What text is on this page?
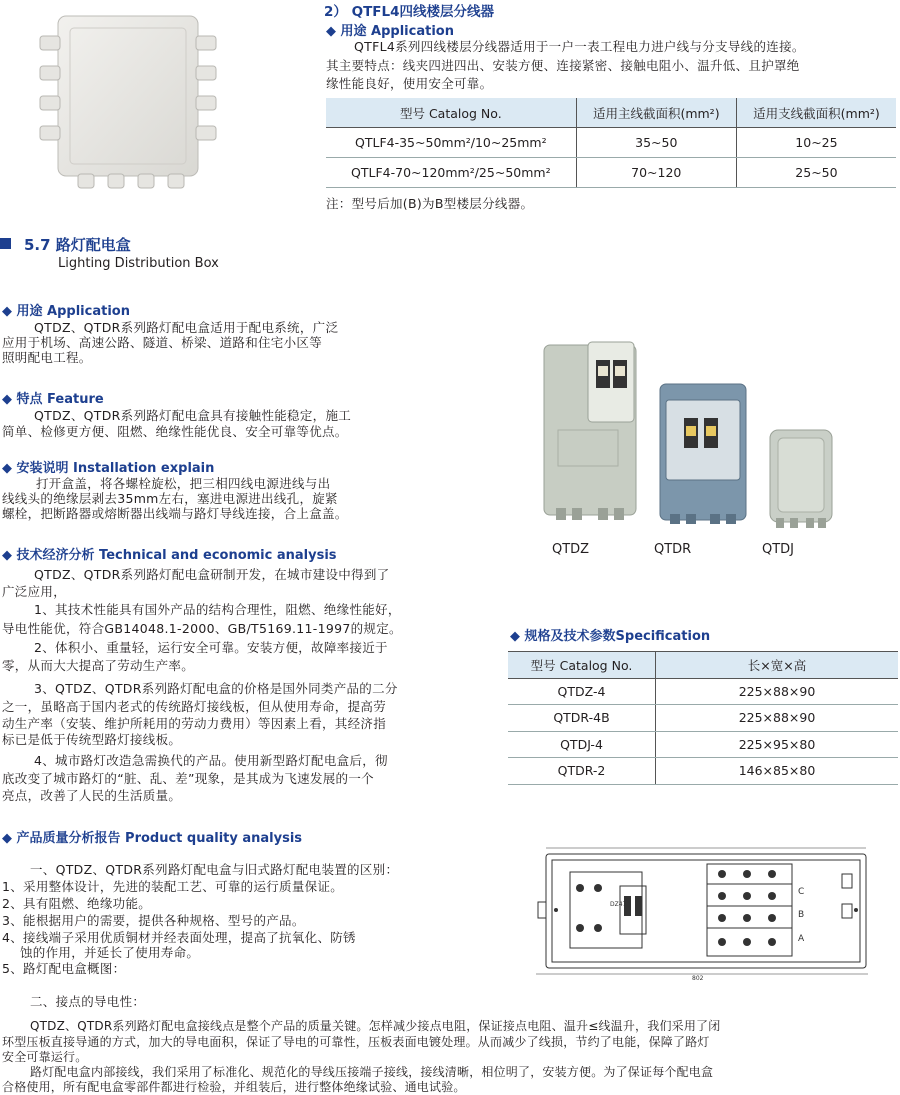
2） QTFL4四线楼层分线器
◆ 用途 Application
QTFL4系列四线楼层分线器适用于一户一表工程电力进户线与分支导线的连接。
其主要特点：线夹四进四出、安装方便、连接紧密、接触电阻小、温升低、且护罩绝
缘性能良好，使用安全可靠。
型号 Catalog No.	适用主线截面积(mm²)	适用支线截面积(mm²)
QTLF4-35~50mm²/10~25mm²	35~50	10~25
QTLF4-70~120mm²/25~50mm²	70~120	25~50
注：型号后加(B)为B型楼层分线器。
5.7 路灯配电盒
Lighting Distribution Box
◆ 用途 Application
QTDZ、QTDR系列路灯配电盒适用于配电系统，广泛
应用于机场、高速公路、隧道、桥梁、道路和住宅小区等
照明配电工程。
◆ 特点 Feature
QTDZ、QTDR系列路灯配电盒具有接触性能稳定，施工
简单、检修更方便、阻燃、绝缘性能优良、安全可靠等优点。
◆ 安装说明 Installation explain
打开盒盖，将各螺栓旋松，把三相四线电源进线与出
线线头的绝缘层剥去35mm左右，塞进电源进出线孔，旋紧
螺栓，把断路器或熔断器出线端与路灯导线连接，合上盒盖。
◆ 技术经济分析 Technical and economic analysis
QTDZ、QTDR系列路灯配电盒研制开发，在城市建设中得到了
广泛应用，
1、其技术性能具有国外产品的结构合理性，阻燃、绝缘性能好，
导电性能优，符合GB14048.1-2000、GB/T5169.11-1997的规定。
2、体积小、重量轻，运行安全可靠。安装方便，故障率接近于
零，从而大大提高了劳动生产率。
3、QTDZ、QTDR系列路灯配电盒的价格是国外同类产品的二分
之一，虽略高于国内老式的传统路灯接线板，但从使用寿命，提高劳
动生产率（安装、维护所耗用的劳动力费用）等因素上看，其经济指
标已是低于传统型路灯接线板。
4、城市路灯改造急需换代的产品。使用新型路灯配电盒后，彻
底改变了城市路灯的“脏、乱、差”现象，是其成为飞速发展的一个
亮点，改善了人民的生活质量。
QTDZ	QTDR	QTDJ
◆ 规格及技术参数Specification
型号 Catalog No.	长×宽×高
QTDZ-4	225×88×90
QTDR-4B	225×88×90
QTDJ-4	225×95×80
QTDR-2	146×85×80
◆ 产品质量分析报告 Product quality analysis
一、QTDZ、QTDR系列路灯配电盒与旧式路灯配电装置的区别：
1、采用整体设计，先进的装配工艺、可靠的运行质量保证。
2、具有阻燃、绝缘功能。
3、能根据用户的需要，提供各种规格、型号的产品。
4、接线端子采用优质铜材并经表面处理，提高了抗氧化、防锈
蚀的作用，并延长了使用寿命。
5、路灯配电盒概图：
C
B
A
DZ47
802
二、接点的导电性：
QTDZ、QTDR系列路灯配电盒接线点是整个产品的质量关键。怎样减少接点电阻，保证接点电阻、温升≤线温升，我们采用了闭
环型压板直接导通的方式，加大的导电面积，保证了导电的可靠性，压板表面电镀处理。从而减少了线损，节约了电能，保障了路灯
安全可靠运行。
路灯配电盒内部接线，我们采用了标准化、规范化的导线压接端子接线，接线清晰，相位明了，安装方便。为了保证每个配电盒
合格使用，所有配电盒零部件都进行检验，并组装后，进行整体绝缘试验、通电试验。
